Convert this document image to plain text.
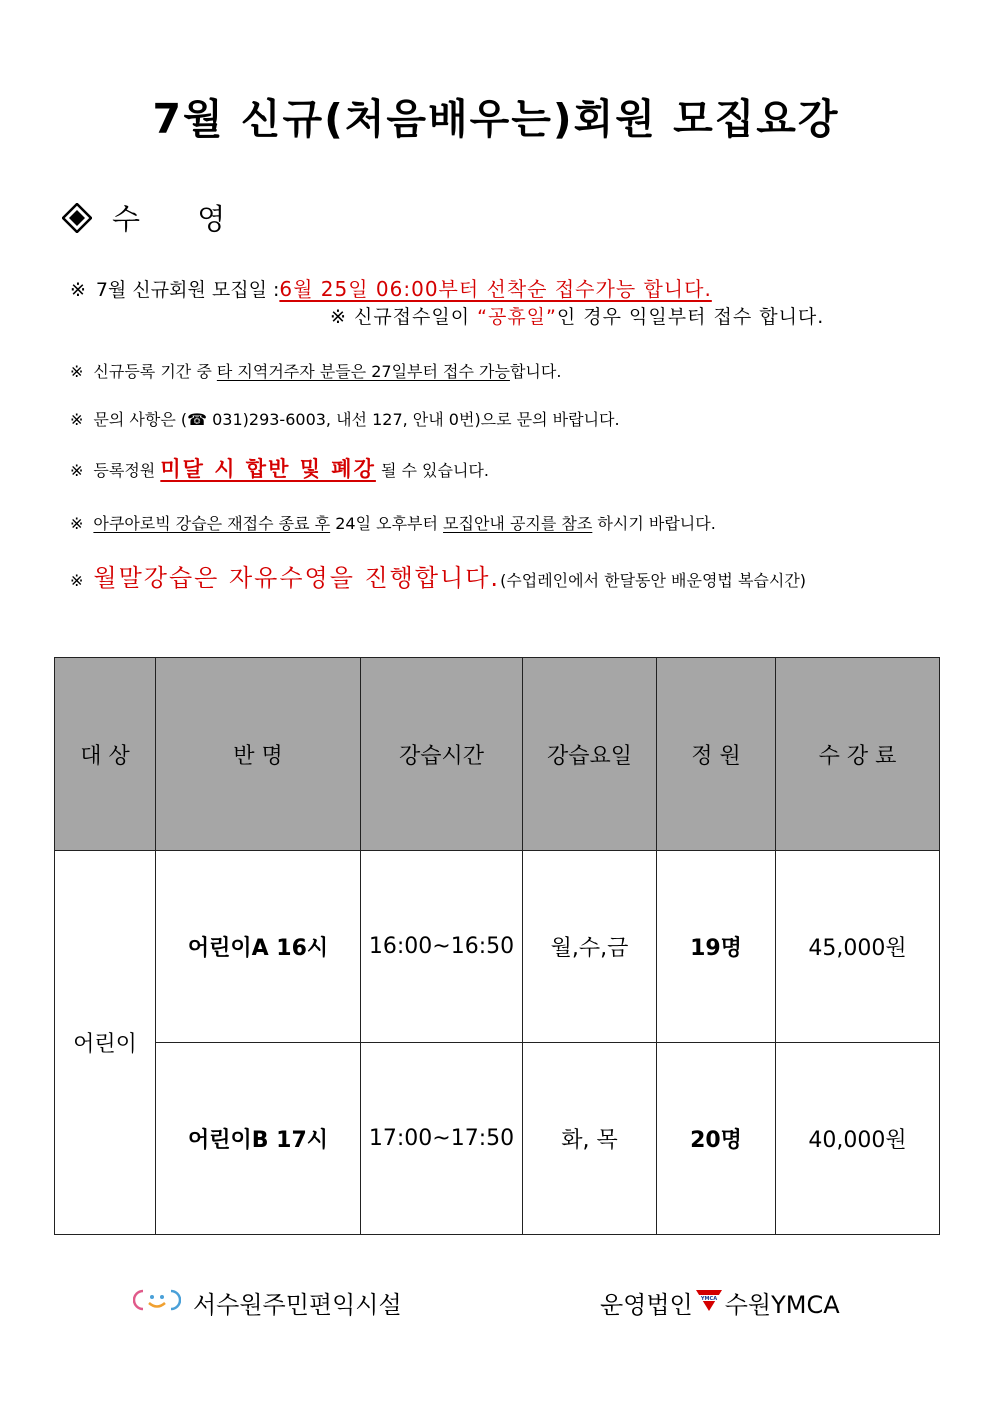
7월 신규(처음배우는)회원 모집요강
수 영
※ 7월 신규회원 모집일 :6월 25일 06:00부터 선착순 접수가능 합니다.
※ 신규접수일이 “공휴일”인 경우 익일부터 접수 합니다.
※ 신규등록 기간 중 타 지역거주자 분들은 27일부터 접수 가능합니다.
※ 문의 사항은 (☎ 031)293-6003, 내선 127, 안내 0번)으로 문의 바랍니다.
※ 등록정원 미달 시 합반 및 폐강 될 수 있습니다.
※ 아쿠아로빅 강습은 재접수 종료 후 24일 오후부터 모집안내 공지를 참조 하시기 바랍니다.
※ 월말강습은 자유수영을 진행합니다.(수업레인에서 한달동안 배운영법 복습시간)
대 상	반 명	강습시간	강습요일	정 원	수 강 료
어린이	어린이A 16시	16:00~16:50	월,수,금	19명	45,000원
	어린이B 17시	17:00~17:50	화, 목	20명	40,000원
서수원주민편익시설	운영법인 YMCA 수원YMCA
